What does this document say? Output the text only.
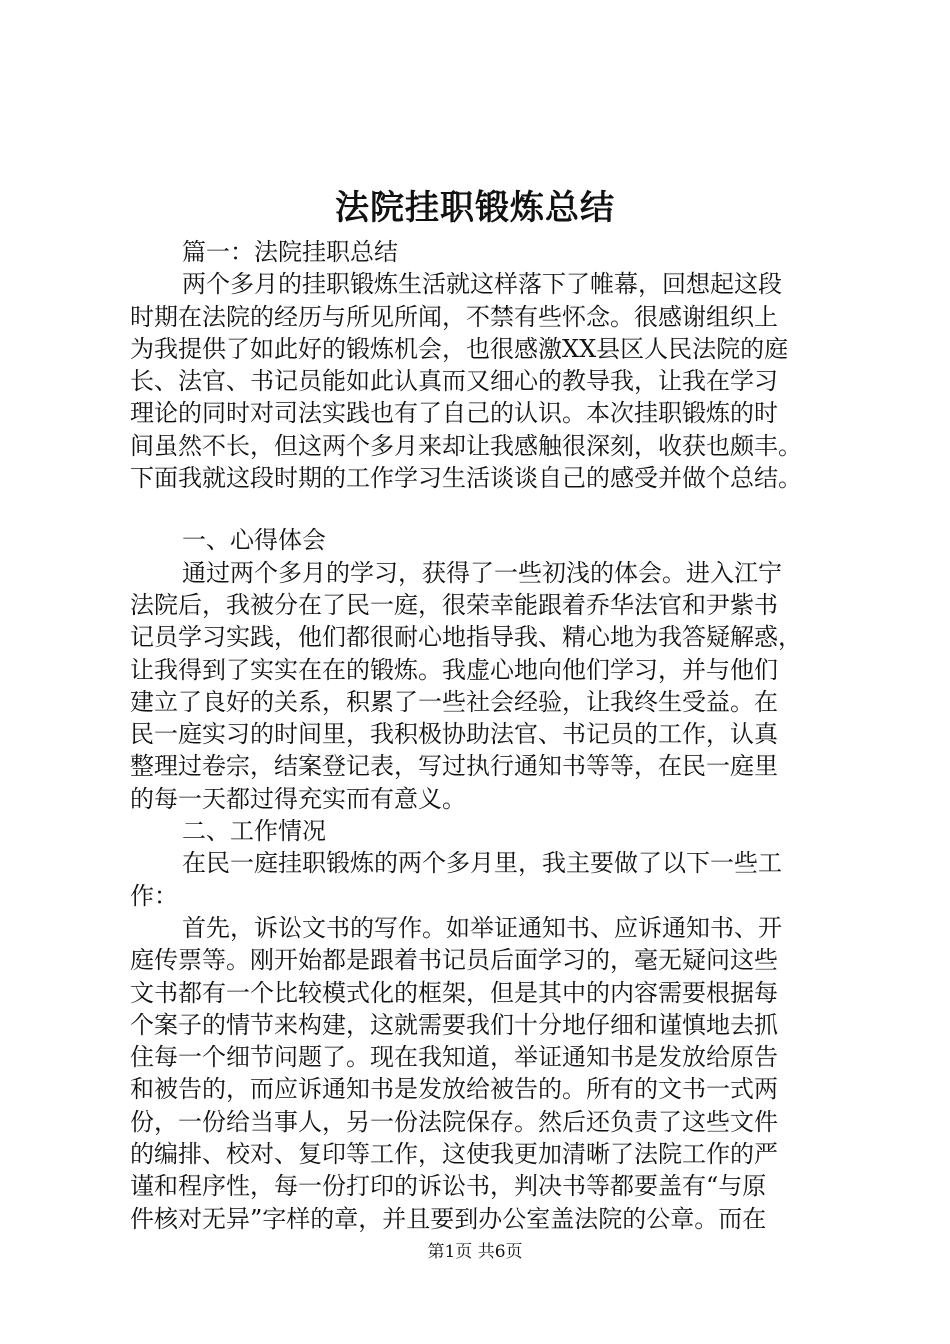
法院挂职锻炼总结
篇一：法院挂职总结
两个多月的挂职锻炼生活就这样落下了帷幕，回想起这段
时期在法院的经历与所见所闻，不禁有些怀念。很感谢组织上
为我提供了如此好的锻炼机会，也很感激XX县区人民法院的庭
长、法官、书记员能如此认真而又细心的教导我，让我在学习
理论的同时对司法实践也有了自己的认识。本次挂职锻炼的时
间虽然不长，但这两个多月来却让我感触很深刻，收获也颇丰。
下面我就这段时期的工作学习生活谈谈自己的感受并做个总结。
一、心得体会
通过两个多月的学习，获得了一些初浅的体会。进入江宁
法院后，我被分在了民一庭，很荣幸能跟着乔华法官和尹紫书
记员学习实践，他们都很耐心地指导我、精心地为我答疑解惑，
让我得到了实实在在的锻炼。我虚心地向他们学习，并与他们
建立了良好的关系，积累了一些社会经验，让我终生受益。在
民一庭实习的时间里，我积极协助法官、书记员的工作，认真
整理过卷宗，结案登记表，写过执行通知书等等，在民一庭里
的每一天都过得充实而有意义。
二、工作情况
在民一庭挂职锻炼的两个多月里，我主要做了以下一些工
作：
首先，诉讼文书的写作。如举证通知书、应诉通知书、开
庭传票等。刚开始都是跟着书记员后面学习的，毫无疑问这些
文书都有一个比较模式化的框架，但是其中的内容需要根据每
个案子的情节来构建，这就需要我们十分地仔细和谨慎地去抓
住每一个细节问题了。现在我知道，举证通知书是发放给原告
和被告的，而应诉通知书是发放给被告的。所有的文书一式两
份，一份给当事人，另一份法院保存。然后还负责了这些文件
的编排、校对、复印等工作，这使我更加清晰了法院工作的严
谨和程序性，每一份打印的诉讼书，判决书等都要盖有“与原
件核对无异”字样的章，并且要到办公室盖法院的公章。而在
第1页 共6页
